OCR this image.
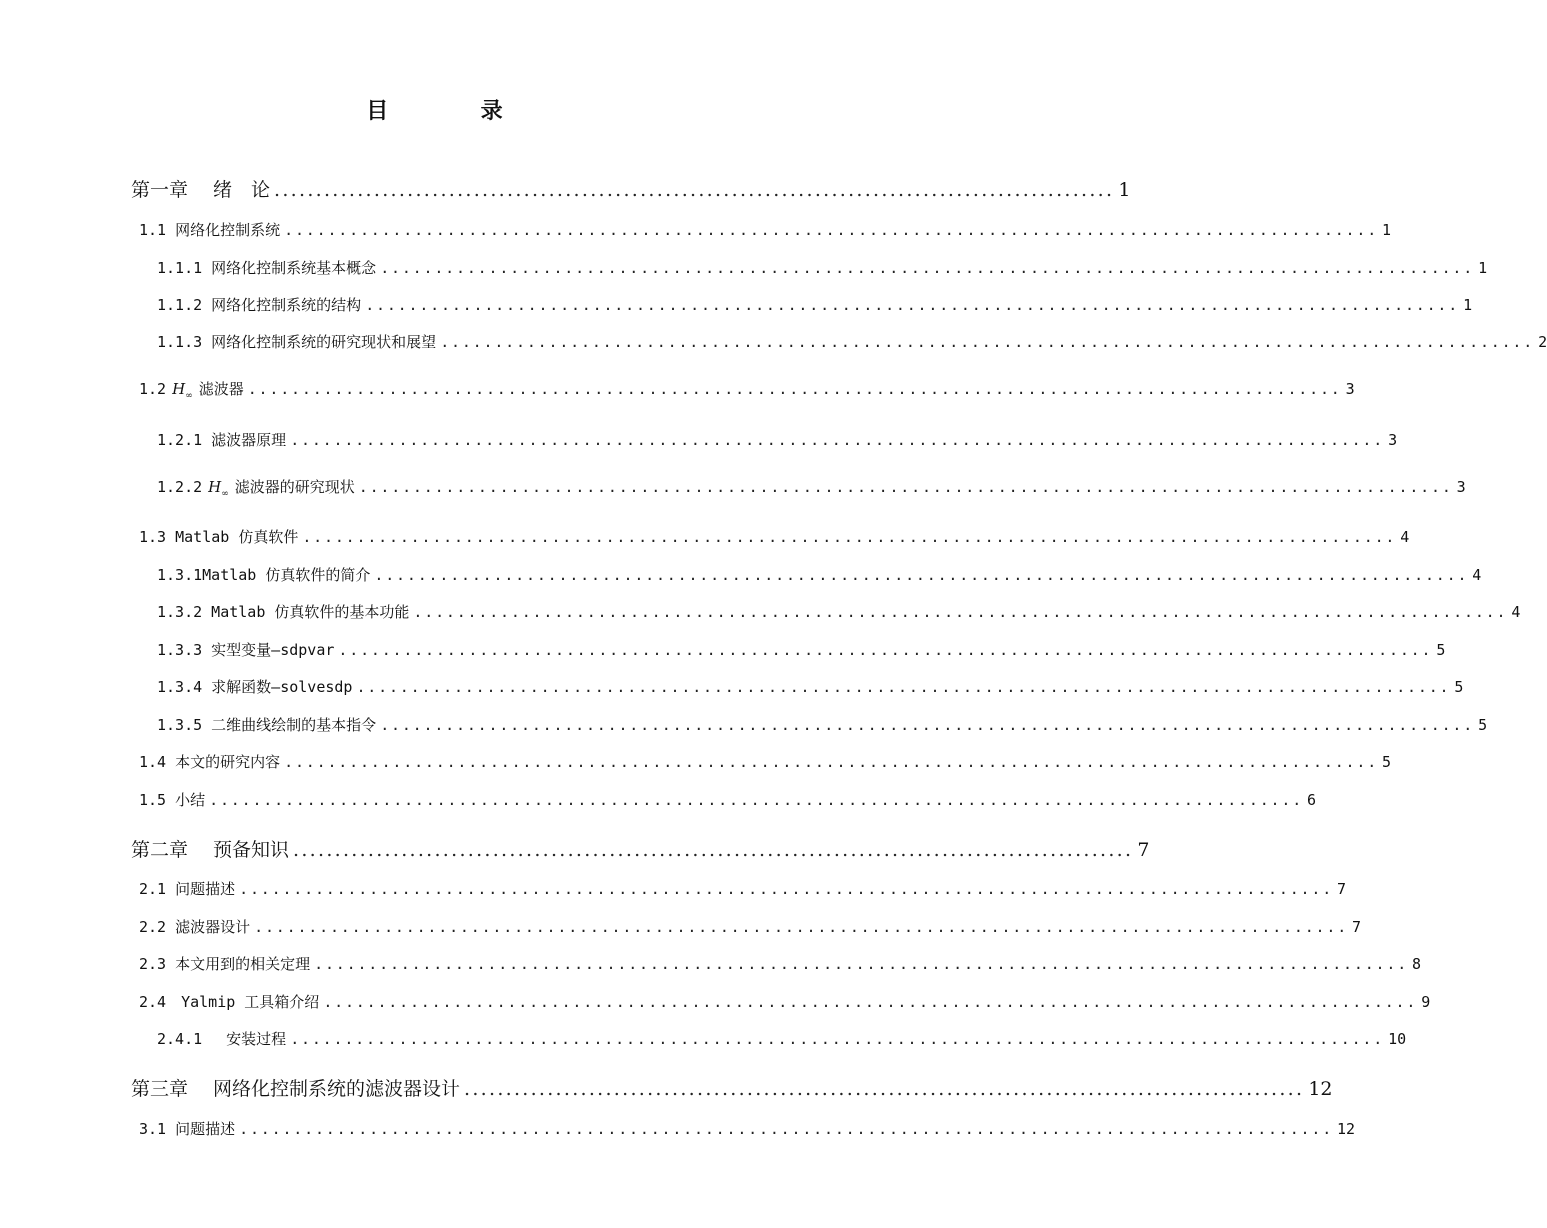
目　录
第一章　 绪　论 ..................................................................................................... 1
1.1 网络化控制系统 ..................................................................................................... 1
1.1.1 网络化控制系统基本概念 ..................................................................................................... 1
1.1.2 网络化控制系统的结构 ..................................................................................................... 1
1.1.3 网络化控制系统的研究现状和展望 ..................................................................................................... 2
1.2 $H_\infty$ 滤波器 ..................................................................................................... 3
1.2.1 滤波器原理 ..................................................................................................... 3
1.2.2 $H_\infty$ 滤波器的研究现状 ..................................................................................................... 3
1.3 Matlab 仿真软件 ..................................................................................................... 4
1.3.1Matlab 仿真软件的简介 ..................................................................................................... 4
1.3.2 Matlab 仿真软件的基本功能 ..................................................................................................... 4
1.3.3 实型变量—sdpvar ..................................................................................................... 5
1.3.4 求解函数—solvesdp ..................................................................................................... 5
1.3.5 二维曲线绘制的基本指令 ..................................................................................................... 5
1.4 本文的研究内容 ..................................................................................................... 5
1.5 小结 ..................................................................................................... 6
第二章　 预备知识 ..................................................................................................... 7
2.1 问题描述 ..................................................................................................... 7
2.2 滤波器设计 ..................................................................................................... 7
2.3 本文用到的相关定理 ..................................................................................................... 8
2.4　Yalmip 工具箱介绍 ..................................................................................................... 9
2.4.1　 安装过程 ..................................................................................................... 10
第三章　 网络化控制系统的滤波器设计 ..................................................................................................... 12
3.1 问题描述 ..................................................................................................... 12
